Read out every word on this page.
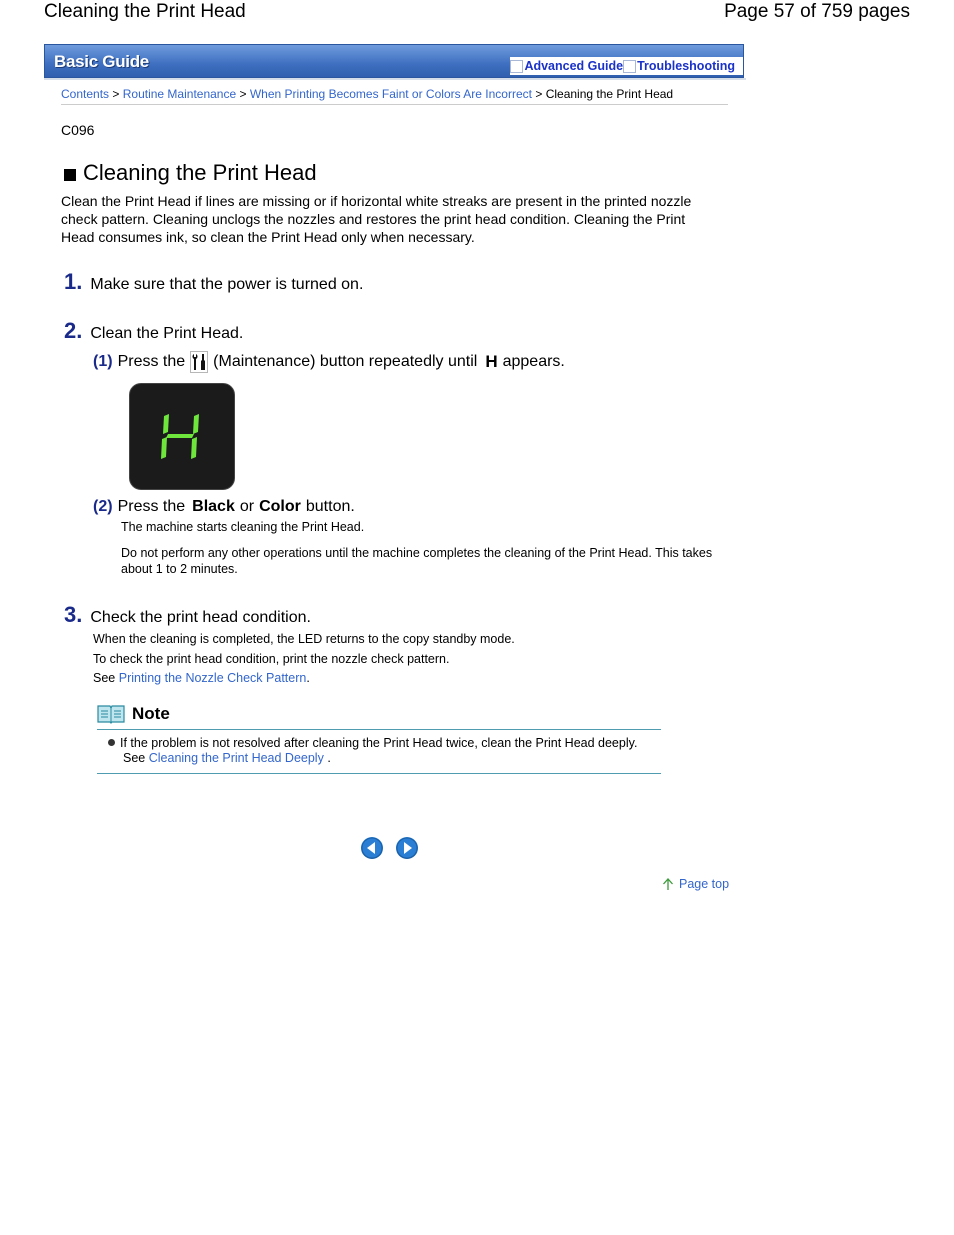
Cleaning the Print Head	Page 57 of 759 pages
Basic Guide	Advanced Guide Troubleshooting
Contents > Routine Maintenance > When Printing Becomes Faint or Colors Are Incorrect > Cleaning the Print Head
C096
Cleaning the Print Head
Clean the Print Head if lines are missing or if horizontal white streaks are present in the printed nozzle check pattern. Cleaning unclogs the nozzles and restores the print head condition. Cleaning the Print Head consumes ink, so clean the Print Head only when necessary.
1. Make sure that the power is turned on.
2. Clean the Print Head.
(1) Press the (Maintenance) button repeatedly until H appears.
(2) Press the Black or Color button.
The machine starts cleaning the Print Head.
Do not perform any other operations until the machine completes the cleaning of the Print Head. This takes about 1 to 2 minutes.
3. Check the print head condition.
When the cleaning is completed, the LED returns to the copy standby mode.
To check the print head condition, print the nozzle check pattern.
See Printing the Nozzle Check Pattern.
Note
If the problem is not resolved after cleaning the Print Head twice, clean the Print Head deeply.
See Cleaning the Print Head Deeply .
Page top
